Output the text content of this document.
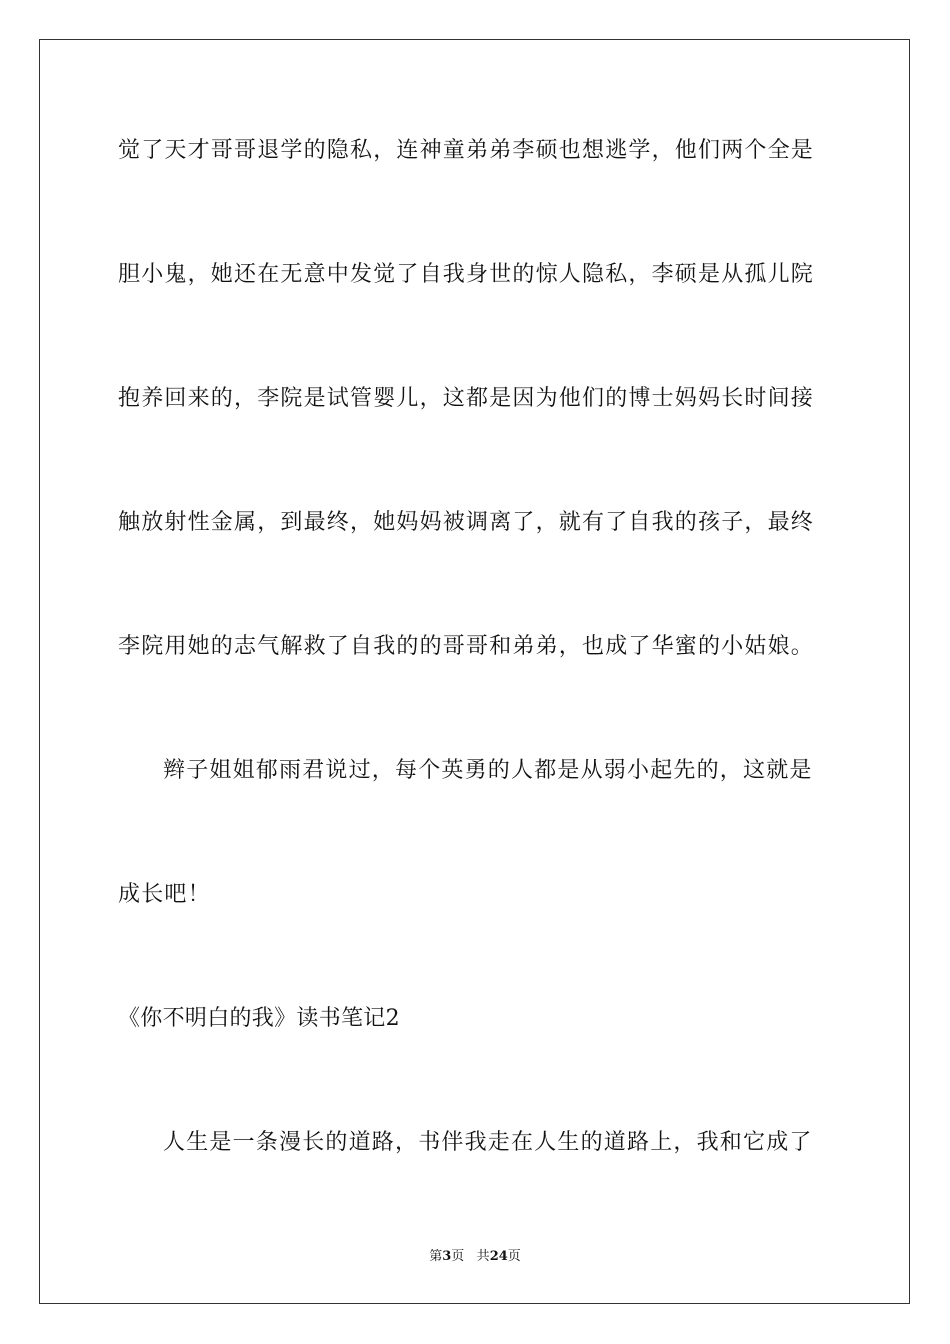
觉了天才哥哥退学的隐私，连神童弟弟李硕也想逃学，他们两个全是
胆小鬼，她还在无意中发觉了自我身世的惊人隐私，李硕是从孤儿院
抱养回来的，李院是试管婴儿，这都是因为他们的博士妈妈长时间接
触放射性金属，到最终，她妈妈被调离了，就有了自我的孩子，最终
李院用她的志气解救了自我的的哥哥和弟弟，也成了华蜜的小姑娘。
辫子姐姐郁雨君说过，每个英勇的人都是从弱小起先的，这就是
成长吧！
《你不明白的我》读书笔记2
人生是一条漫长的道路，书伴我走在人生的道路上，我和它成了
第3页 共24页
